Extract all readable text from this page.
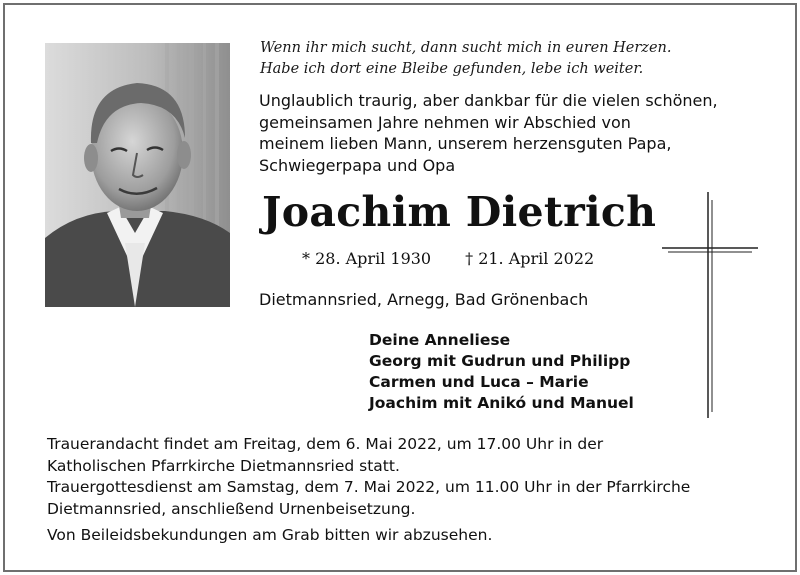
Wenn ihr mich sucht, dann sucht mich in euren Herzen.
Habe ich dort eine Bleibe gefunden, lebe ich weiter.
Unglaublich traurig, aber dankbar für die vielen schönen,
gemeinsamen Jahre nehmen wir Abschied von
meinem lieben Mann, unserem herzensguten Papa,
Schwiegerpapa und Opa
Joachim Dietrich
* 28. April 1930 † 21. April 2022
Dietmannsried, Arnegg, Bad Grönenbach
Deine Anneliese
Georg mit Gudrun und Philipp
Carmen und Luca – Marie
Joachim mit Anikó und Manuel

Trauerandacht findet am Freitag, dem 6. Mai 2022, um 17.00 Uhr in der

Katholischen Pfarrkirche Dietmannsried statt.

Trauergottesdienst am Samstag, dem 7. Mai 2022, um 11.00 Uhr in der Pfarrkirche

Dietmannsried, anschließend Urnenbeisetzung.

Von Beileidsbekundungen am Grab bitten wir abzusehen.
